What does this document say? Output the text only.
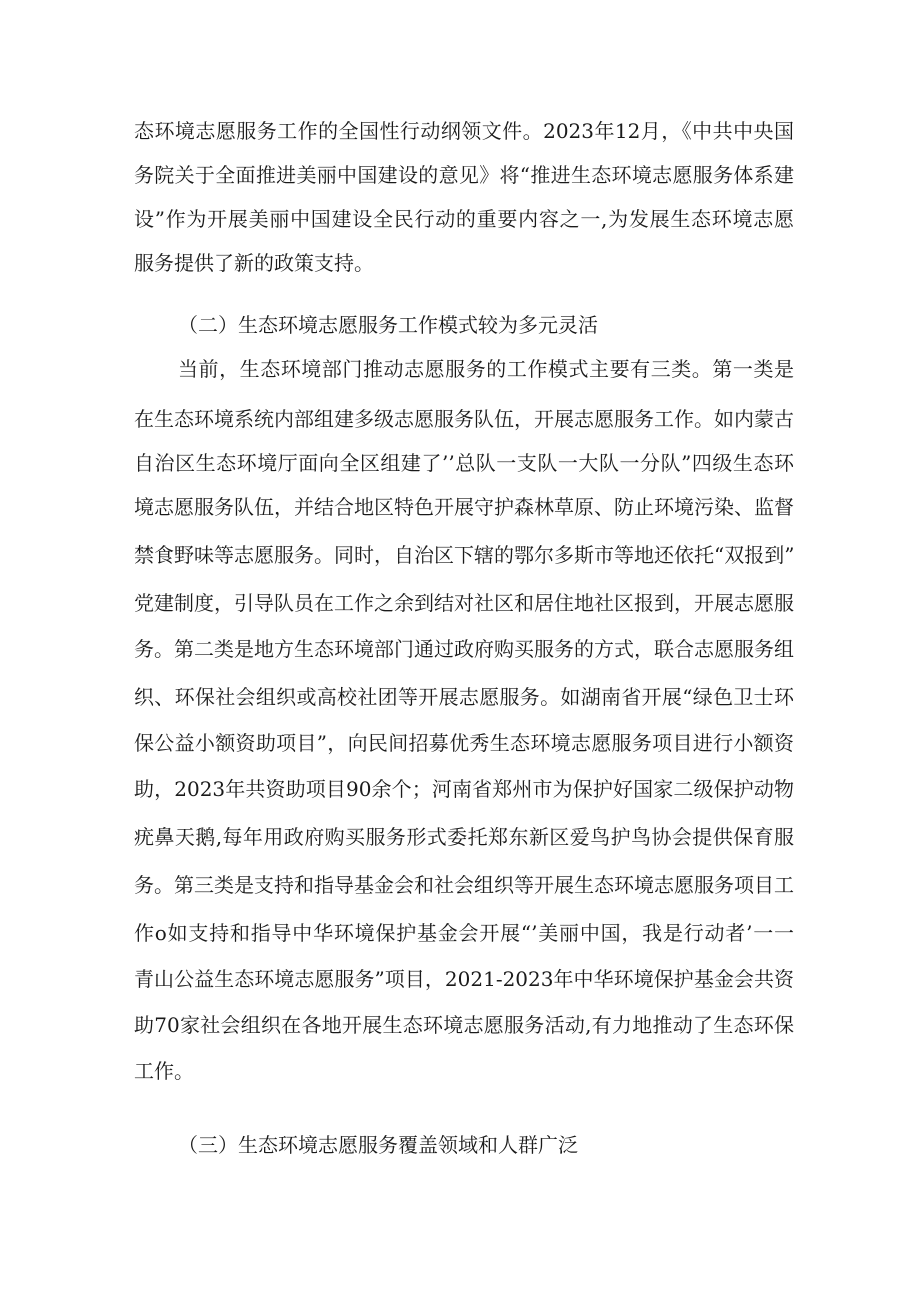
态环境志愿服务工作的全国性行动纲领文件。2023年12月，《中共中央国
务院关于全面推进美丽中国建设的意见》将“推进生态环境志愿服务体系建
设”作为开展美丽中国建设全民行动的重要内容之一,为发展生态环境志愿
服务提供了新的政策支持。
（二）生态环境志愿服务工作模式较为多元灵活
当前，生态环境部门推动志愿服务的工作模式主要有三类。第一类是
在生态环境系统内部组建多级志愿服务队伍，开展志愿服务工作。如内蒙古
自治区生态环境厅面向全区组建了’’总队一支队一大队一分队”四级生态环
境志愿服务队伍，并结合地区特色开展守护森林草原、防止环境污染、监督
禁食野味等志愿服务。同时，自治区下辖的鄂尔多斯市等地还依托“双报到”
党建制度，引导队员在工作之余到结对社区和居住地社区报到，开展志愿服
务。第二类是地方生态环境部门通过政府购买服务的方式，联合志愿服务组
织、环保社会组织或高校社团等开展志愿服务。如湖南省开展“绿色卫士环
保公益小额资助项目”，向民间招募优秀生态环境志愿服务项目进行小额资
助，2023年共资助项目90余个；河南省郑州市为保护好国家二级保护动物
疣鼻天鹅,每年用政府购买服务形式委托郑东新区爱鸟护鸟协会提供保育服
务。第三类是支持和指导基金会和社会组织等开展生态环境志愿服务项目工
作o如支持和指导中华环境保护基金会开展“’美丽中国，我是行动者’一一
青山公益生态环境志愿服务”项目，2021-2023年中华环境保护基金会共资
助70家社会组织在各地开展生态环境志愿服务活动,有力地推动了生态环保
工作。
（三）生态环境志愿服务覆盖领域和人群广泛
